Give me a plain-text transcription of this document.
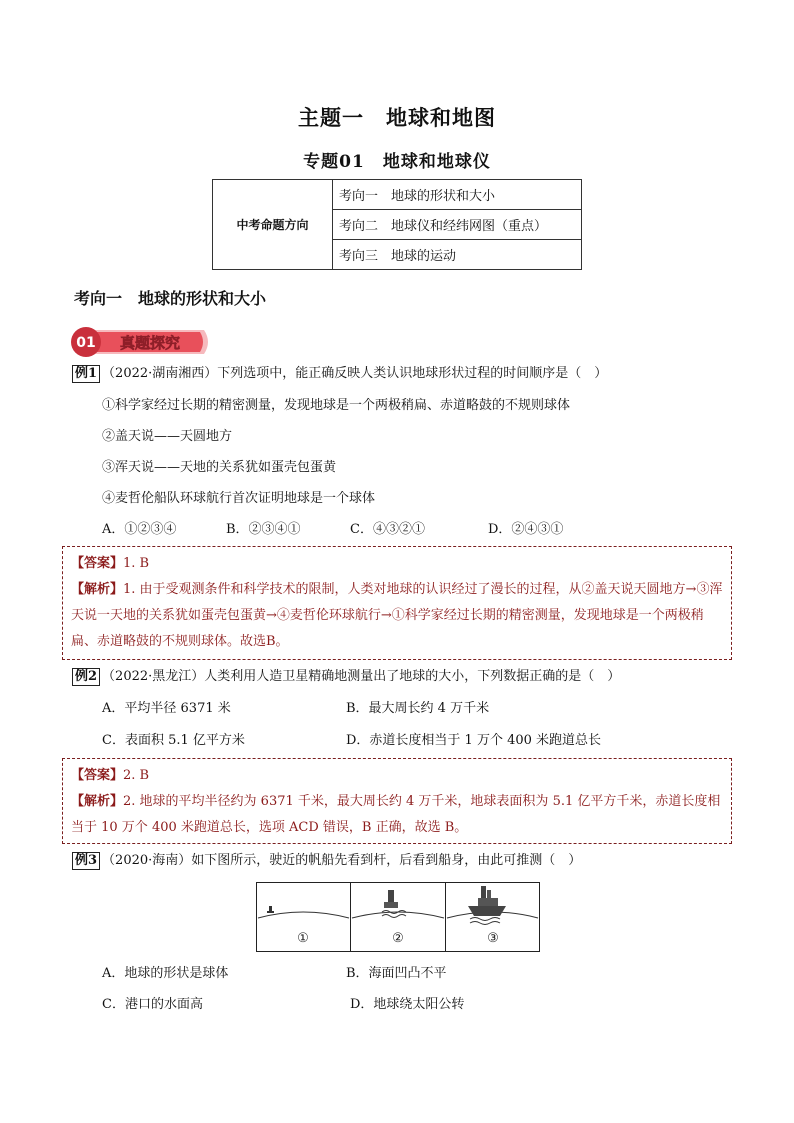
主题一　地球和地图
专题01　地球和地球仪
中考命题方向	考向一　地球的形状和大小
考向二　地球仪和经纬网图（重点）
考向三　地球的运动
考向一　地球的形状和大小
01 真题探究
例1 （2022·湖南湘西）下列选项中，能正确反映人类认识地球形状过程的时间顺序是（　）
①科学家经过长期的精密测量，发现地球是一个两极稍扁、赤道略鼓的不规则球体
②盖天说——天圆地方
③浑天说——天地的关系犹如蛋壳包蛋黄
④麦哲伦船队环球航行首次证明地球是一个球体
A．①②③④	B．②③④①	C．④③②①	D．②④③①
【答案】1. B
【解析】1. 由于受观测条件和科学技术的限制，人类对地球的认识经过了漫长的过程，从②盖天说天圆地方→③浑天说一天地的关系犹如蛋壳包蛋黄→④麦哲伦环球航行→①科学家经过长期的精密测量，发现地球是一个两极稍扁、赤道略鼓的不规则球体。故选B。
例2 （2022·黑龙江）人类利用人造卫星精确地测量出了地球的大小，下列数据正确的是（　）
A．平均半径 6371 米	B．最大周长约 4 万千米
C．表面积 5.1 亿平方米	D．赤道长度相当于 1 万个 400 米跑道总长
【答案】2. B
【解析】2. 地球的平均半径约为 6371 千米，最大周长约 4 万千米，地球表面积为 5.1 亿平方千米，赤道长度相当于 10 万个 400 米跑道总长，选项 ACD 错误，B 正确，故选 B。
例3 （2020·海南）如下图所示，驶近的帆船先看到杆，后看到船身，由此可推测（　）
①	②	③
A．地球的形状是球体	B．海面凹凸不平
C．港口的水面高	D．地球绕太阳公转
